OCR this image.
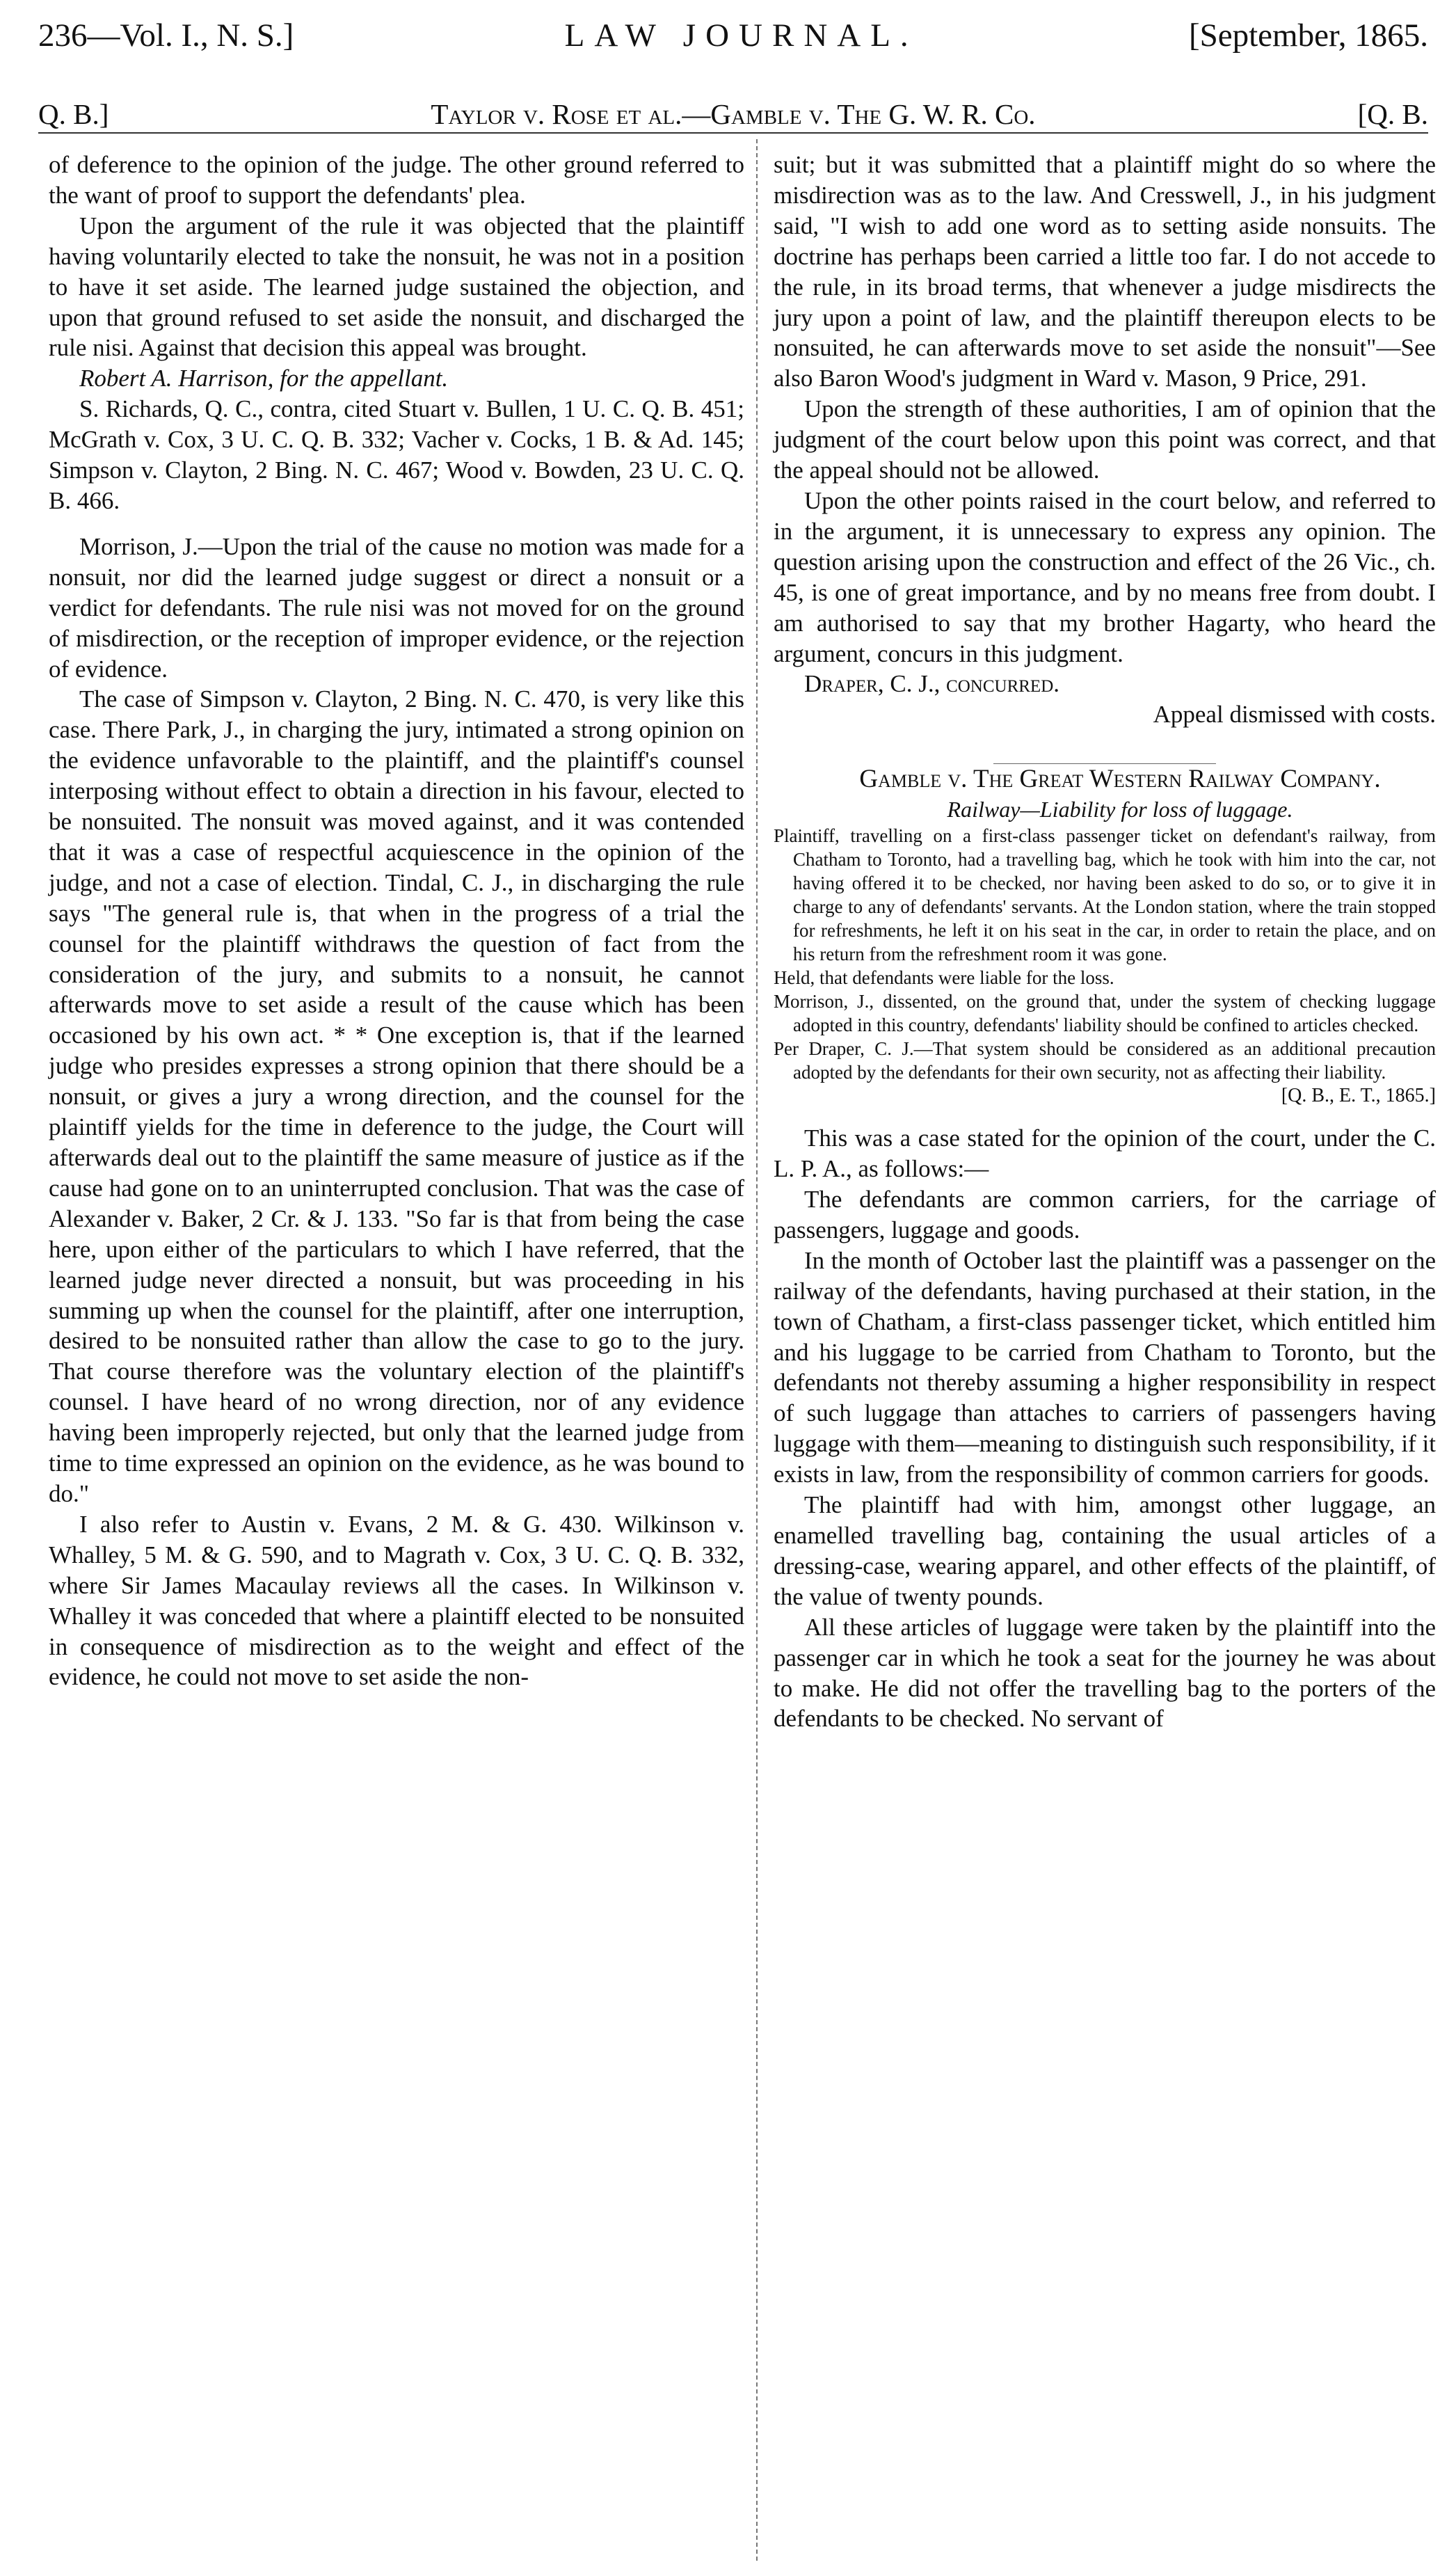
236—Vol. I., N. S.]	LAW JOURNAL.	[September, 1865.
Q. B.]	Taylor v. Rose et al.—Gamble v. The G. W. R. Co.	[Q. B.

of deference to the opinion of the judge. The other ground referred to the want of proof to support the defendants' plea.

Upon the argument of the rule it was objected that the plaintiff having voluntarily elected to take the nonsuit, he was not in a position to have it set aside. The learned judge sustained the objection, and upon that ground refused to set aside the nonsuit, and discharged the rule nisi. Against that decision this appeal was brought.

Robert A. Harrison, for the appellant.

S. Richards, Q. C., contra, cited Stuart v. Bullen, 1 U. C. Q. B. 451; McGrath v. Cox, 3 U. C. Q. B. 332; Vacher v. Cocks, 1 B. & Ad. 145; Simpson v. Clayton, 2 Bing. N. C. 467; Wood v. Bowden, 23 U. C. Q. B. 466.

Morrison, J.—Upon the trial of the cause no motion was made for a nonsuit, nor did the learned judge suggest or direct a nonsuit or a verdict for defendants. The rule nisi was not moved for on the ground of misdirection, or the reception of improper evidence, or the rejection of evidence.

The case of Simpson v. Clayton, 2 Bing. N. C. 470, is very like this case. There Park, J., in charging the jury, intimated a strong opinion on the evidence unfavorable to the plaintiff, and the plaintiff's counsel interposing without effect to obtain a direction in his favour, elected to be nonsuited. The nonsuit was moved against, and it was contended that it was a case of respectful acquiescence in the opinion of the judge, and not a case of election. Tindal, C. J., in discharging the rule says "The general rule is, that when in the progress of a trial the counsel for the plaintiff withdraws the question of fact from the consideration of the jury, and submits to a nonsuit, he cannot afterwards move to set aside a result of the cause which has been occasioned by his own act. * * One exception is, that if the learned judge who presides expresses a strong opinion that there should be a nonsuit, or gives a jury a wrong direction, and the counsel for the plaintiff yields for the time in deference to the judge, the Court will afterwards deal out to the plaintiff the same measure of justice as if the cause had gone on to an uninterrupted conclusion. That was the case of Alexander v. Baker, 2 Cr. & J. 133. "So far is that from being the case here, upon either of the particulars to which I have referred, that the learned judge never directed a nonsuit, but was proceeding in his summing up when the counsel for the plaintiff, after one interruption, desired to be nonsuited rather than allow the case to go to the jury. That course therefore was the voluntary election of the plaintiff's counsel. I have heard of no wrong direction, nor of any evidence having been improperly rejected, but only that the learned judge from time to time expressed an opinion on the evidence, as he was bound to do."

I also refer to Austin v. Evans, 2 M. & G. 430. Wilkinson v. Whalley, 5 M. & G. 590, and to Magrath v. Cox, 3 U. C. Q. B. 332, where Sir James Macaulay reviews all the cases. In Wilkinson v. Whalley it was conceded that where a plaintiff elected to be nonsuited in consequence of misdirection as to the weight and effect of the evidence, he could not move to set aside the non-

suit; but it was submitted that a plaintiff might do so where the misdirection was as to the law. And Cresswell, J., in his judgment said, "I wish to add one word as to setting aside nonsuits. The doctrine has perhaps been carried a little too far. I do not accede to the rule, in its broad terms, that whenever a judge misdirects the jury upon a point of law, and the plaintiff thereupon elects to be nonsuited, he can afterwards move to set aside the nonsuit"—See also Baron Wood's judgment in Ward v. Mason, 9 Price, 291.

Upon the strength of these authorities, I am of opinion that the judgment of the court below upon this point was correct, and that the appeal should not be allowed.

Upon the other points raised in the court below, and referred to in the argument, it is unnecessary to express any opinion. The question arising upon the construction and effect of the 26 Vic., ch. 45, is one of great importance, and by no means free from doubt. I am authorised to say that my brother Hagarty, who heard the argument, concurs in this judgment.

Draper, C. J., concurred.

Appeal dismissed with costs.

Gamble v. The Great Western Railway Company.

Railway—Liability for loss of luggage.

Plaintiff, travelling on a first-class passenger ticket on defendant's railway, from Chatham to Toronto, had a travelling bag, which he took with him into the car, not having offered it to be checked, nor having been asked to do so, or to give it in charge to any of defendants' servants. At the London station, where the train stopped for refreshments, he left it on his seat in the car, in order to retain the place, and on his return from the refreshment room it was gone.

Held, that defendants were liable for the loss.

Morrison, J., dissented, on the ground that, under the system of checking luggage adopted in this country, defendants' liability should be confined to articles checked.

Per Draper, C. J.—That system should be considered as an additional precaution adopted by the defendants for their own security, not as affecting their liability.

[Q. B., E. T., 1865.]

This was a case stated for the opinion of the court, under the C. L. P. A., as follows:—

The defendants are common carriers, for the carriage of passengers, luggage and goods.

In the month of October last the plaintiff was a passenger on the railway of the defendants, having purchased at their station, in the town of Chatham, a first-class passenger ticket, which entitled him and his luggage to be carried from Chatham to Toronto, but the defendants not thereby assuming a higher responsibility in respect of such luggage than attaches to carriers of passengers having luggage with them—meaning to distinguish such responsibility, if it exists in law, from the responsibility of common carriers for goods.

The plaintiff had with him, amongst other luggage, an enamelled travelling bag, containing the usual articles of a dressing-case, wearing apparel, and other effects of the plaintiff, of the value of twenty pounds.

All these articles of luggage were taken by the plaintiff into the passenger car in which he took a seat for the journey he was about to make. He did not offer the travelling bag to the porters of the defendants to be checked. No servant of
